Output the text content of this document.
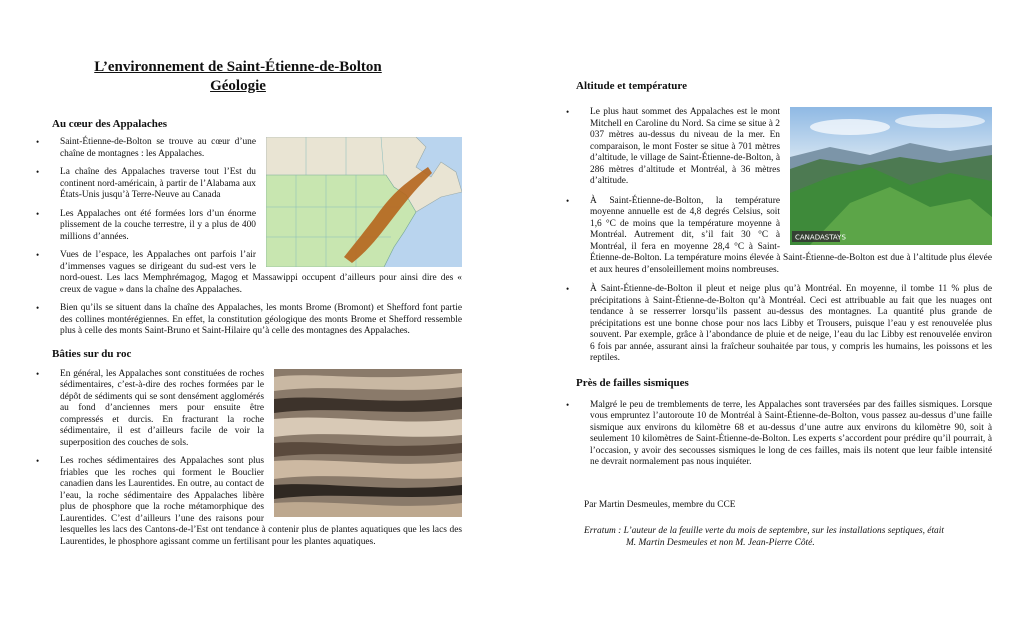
L’environnement de Saint-Étienne-de-Bolton
Géologie
Au cœur des Appalaches
• Saint-Étienne-de-Bolton se trouve au cœur d’une chaîne de montagnes : les Appalaches.
• La chaîne des Appalaches traverse tout l’Est du continent nord-américain, à partir de l’Alabama aux États-Unis jusqu’à Terre-Neuve au Canada
• Les Appalaches ont été formées lors d’un énorme plissement de la couche terrestre, il y a plus de 400 millions d’années.
• Vues de l’espace, les Appalaches ont parfois l’air d’immenses vagues se dirigeant du sud-est vers le nord-ouest. Les lacs Memphrémagog, Magog et Massawippi occupent d’ailleurs pour ainsi dire des « creux de vague » dans la chaîne des Appalaches.
• Bien qu’ils se situent dans la chaîne des Appalaches, les monts Brome (Bromont) et Shefford font partie des collines montérégiennes. En effet, la constitution géologique des monts Brome et Shefford ressemble plus à celle des monts Saint-Bruno et Saint-Hilaire qu’à celle des montagnes des Appalaches.
Bâties sur du roc
• En général, les Appalaches sont constituées de roches sédimentaires, c’est-à-dire des roches formées par le dépôt de sédiments qui se sont densément agglomérés au fond d’anciennes mers pour ensuite être compressés et durcis. En fracturant la roche sédimentaire, il est d’ailleurs facile de voir la superposition des couches de sols.
• Les roches sédimentaires des Appalaches sont plus friables que les roches qui forment le Bouclier canadien dans les Laurentides. En outre, au contact de l’eau, la roche sédimentaire des Appalaches libère plus de phosphore que la roche métamorphique des Laurentides. C’est d’ailleurs l’une des raisons pour lesquelles les lacs des Cantons-de-l’Est ont tendance à contenir plus de plantes aquatiques que les lacs des Laurentides, le phosphore agissant comme un fertilisant pour les plantes aquatiques.
Altitude et température
CANADASTAYS
• Le plus haut sommet des Appalaches est le mont Mitchell en Caroline du Nord. Sa cime se situe à 2 037 mètres au-dessus du niveau de la mer. En comparaison, le mont Foster se situe à 701 mètres d’altitude, le village de Saint-Étienne-de-Bolton, à 286 mètres d’altitude et Montréal, à 36 mètres d’altitude.
• À Saint-Étienne-de-Bolton, la température moyenne annuelle est de 4,8 degrés Celsius, soit 1,6 °C de moins que la température moyenne à Montréal. Autrement dit, s’il fait 30 °C à Montréal, il fera en moyenne 28,4 °C à Saint-Étienne-de-Bolton. La température moins élevée à Saint-Étienne-de-Bolton est due à l’altitude plus élevée et aux heures d’ensoleillement moins nombreuses.
• À Saint-Étienne-de-Bolton il pleut et neige plus qu’à Montréal. En moyenne, il tombe 11 % plus de précipitations à Saint-Étienne-de-Bolton qu’à Montréal. Ceci est attribuable au fait que les nuages ont tendance à se resserrer lorsqu’ils passent au-dessus des montagnes. La quantité plus grande de précipitations est une bonne chose pour nos lacs Libby et Trousers, puisque l’eau y est renouvelée plus souvent. Par exemple, grâce à l’abondance de pluie et de neige, l’eau du lac Libby est renouvelée environ 6 fois par année, assurant ainsi la fraîcheur souhaitée par tous, y compris les humains, les poissons et les reptiles.
Près de failles sismiques
• Malgré le peu de tremblements de terre, les Appalaches sont traversées par des failles sismiques. Lorsque vous empruntez l’autoroute 10 de Montréal à Saint-Étienne-de-Bolton, vous passez au-dessus d’une faille sismique aux environs du kilomètre 68 et au-dessus d’une autre aux environs du kilomètre 90, soit à seulement 10 kilomètres de Saint-Étienne-de-Bolton. Les experts s’accordent pour prédire qu’il pourrait, à l’occasion, y avoir des secousses sismiques le long de ces failles, mais ils notent que leur faible intensité ne devrait normalement pas nous inquiéter.
Par Martin Desmeules, membre du CCE
Erratum : L’auteur de la feuille verte du mois de septembre, sur les installations septiques, était
M. Martin Desmeules et non M. Jean-Pierre Côté.
